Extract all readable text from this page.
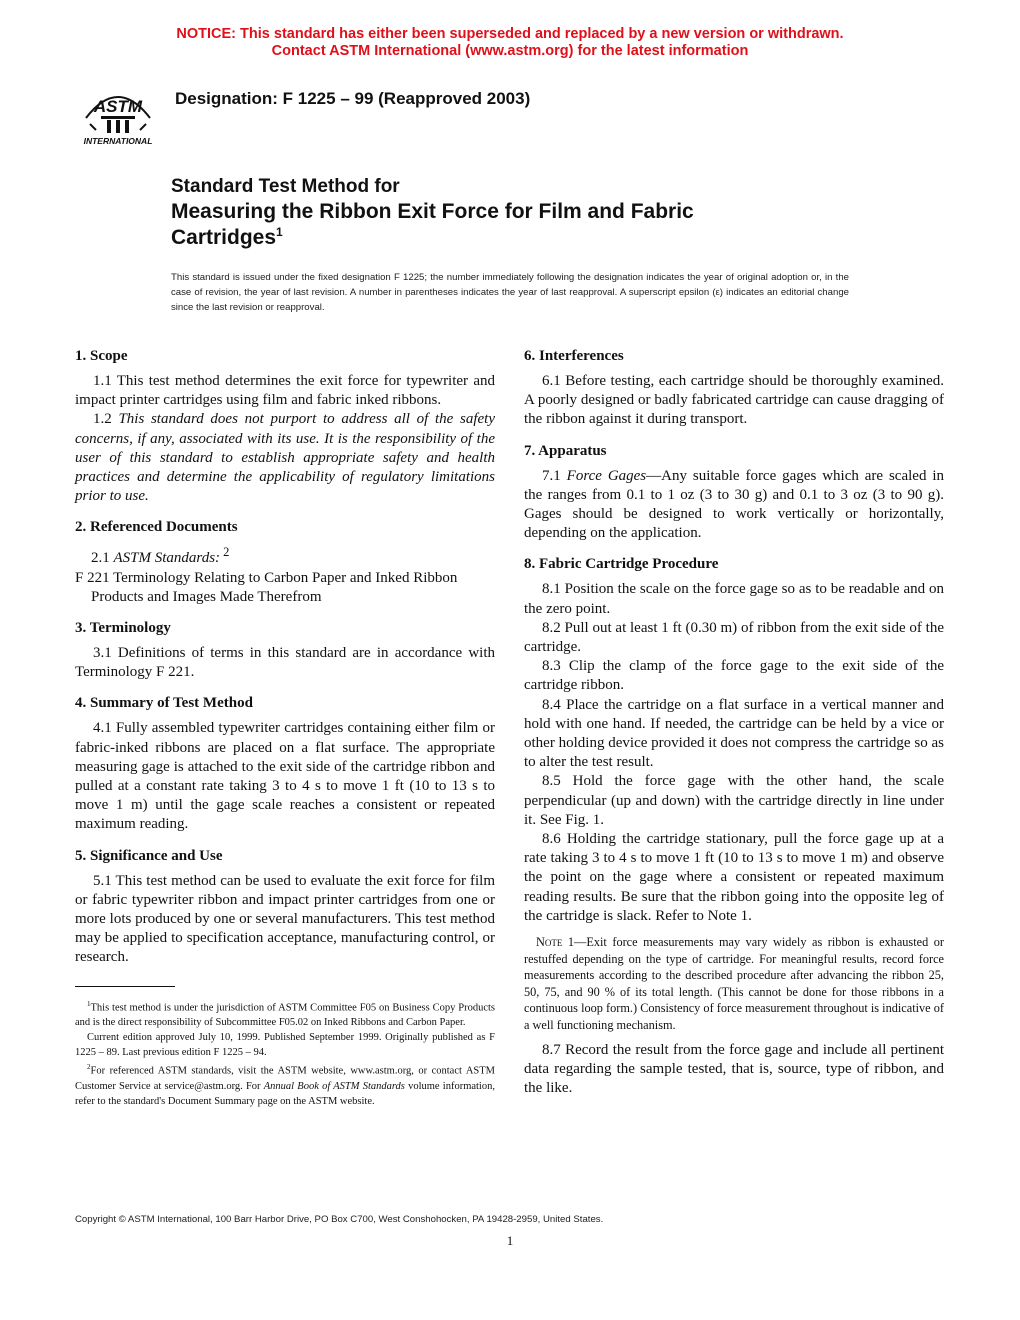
NOTICE: This standard has either been superseded and replaced by a new version or withdrawn.
Contact ASTM International (www.astm.org) for the latest information
ASTM
INTERNATIONAL
Designation: F 1225 – 99 (Reapproved 2003)
Standard Test Method for
Measuring the Ribbon Exit Force for Film and Fabric
Cartridges$^1$
This standard is issued under the fixed designation F 1225; the number immediately following the designation indicates the year of original adoption or, in the case of revision, the year of last revision. A number in parentheses indicates the year of last reapproval. A superscript epsilon (ε) indicates an editorial change since the last revision or reapproval.
1. Scope

1.1 This test method determines the exit force for typewriter and impact printer cartridges using film and fabric inked ribbons.

1.2 This standard does not purport to address all of the safety concerns, if any, associated with its use. It is the responsibility of the user of this standard to establish appropriate safety and health practices and determine the applicability of regulatory limitations prior to use.

2. Referenced Documents

2.1 ASTM Standards: $^2$

F 221 Terminology Relating to Carbon Paper and Inked Ribbon Products and Images Made Therefrom

3. Terminology

3.1 Definitions of terms in this standard are in accordance with Terminology F 221.

4. Summary of Test Method

4.1 Fully assembled typewriter cartridges containing either film or fabric-inked ribbons are placed on a flat surface. The appropriate measuring gage is attached to the exit side of the cartridge ribbon and pulled at a constant rate taking 3 to 4 s to move 1 ft (10 to 13 s to move 1 m) until the gage scale reaches a consistent or repeated maximum reading.

5. Significance and Use

5.1 This test method can be used to evaluate the exit force for film or fabric typewriter ribbon and impact printer cartridges from one or more lots produced by one or several manufacturers. This test method may be applied to specification acceptance, manufacturing control, or research.

$^1$This test method is under the jurisdiction of ASTM Committee F05 on Business Copy Products and is the direct responsibility of Subcommittee F05.02 on Inked Ribbons and Carbon Paper.

Current edition approved July 10, 1999. Published September 1999. Originally published as F 1225 – 89. Last previous edition F 1225 – 94.

$^2$For referenced ASTM standards, visit the ASTM website, www.astm.org, or contact ASTM Customer Service at service@astm.org. For Annual Book of ASTM Standards volume information, refer to the standard's Document Summary page on the ASTM website.

6. Interferences

6.1 Before testing, each cartridge should be thoroughly examined. A poorly designed or badly fabricated cartridge can cause dragging of the ribbon against it during transport.

7. Apparatus

7.1 Force Gages—Any suitable force gages which are scaled in the ranges from 0.1 to 1 oz (3 to 30 g) and 0.1 to 3 oz (3 to 90 g). Gages should be designed to work vertically or horizontally, depending on the application.

8. Fabric Cartridge Procedure

8.1 Position the scale on the force gage so as to be readable and on the zero point.

8.2 Pull out at least 1 ft (0.30 m) of ribbon from the exit side of the cartridge.

8.3 Clip the clamp of the force gage to the exit side of the cartridge ribbon.

8.4 Place the cartridge on a flat surface in a vertical manner and hold with one hand. If needed, the cartridge can be held by a vice or other holding device provided it does not compress the cartridge so as to alter the test result.

8.5 Hold the force gage with the other hand, the scale perpendicular (up and down) with the cartridge directly in line under it. See Fig. 1.

8.6 Holding the cartridge stationary, pull the force gage up at a rate taking 3 to 4 s to move 1 ft (10 to 13 s to move 1 m) and observe the point on the gage where a consistent or repeated maximum reading results. Be sure that the ribbon going into the opposite leg of the cartridge is slack. Refer to Note 1.

Note 1—Exit force measurements may vary widely as ribbon is exhausted or restuffed depending on the type of cartridge. For meaningful results, record force measurements according to the described procedure after advancing the ribbon 25, 50, 75, and 90 % of its total length. (This cannot be done for those ribbons in a continuous loop form.) Consistency of force measurement throughout is indicative of a well functioning mechanism.

8.7 Record the result from the force gage and include all pertinent data regarding the sample tested, that is, source, type of ribbon, and the like.

Copyright © ASTM International, 100 Barr Harbor Drive, PO Box C700, West Conshohocken, PA 19428-2959, United States.
1
